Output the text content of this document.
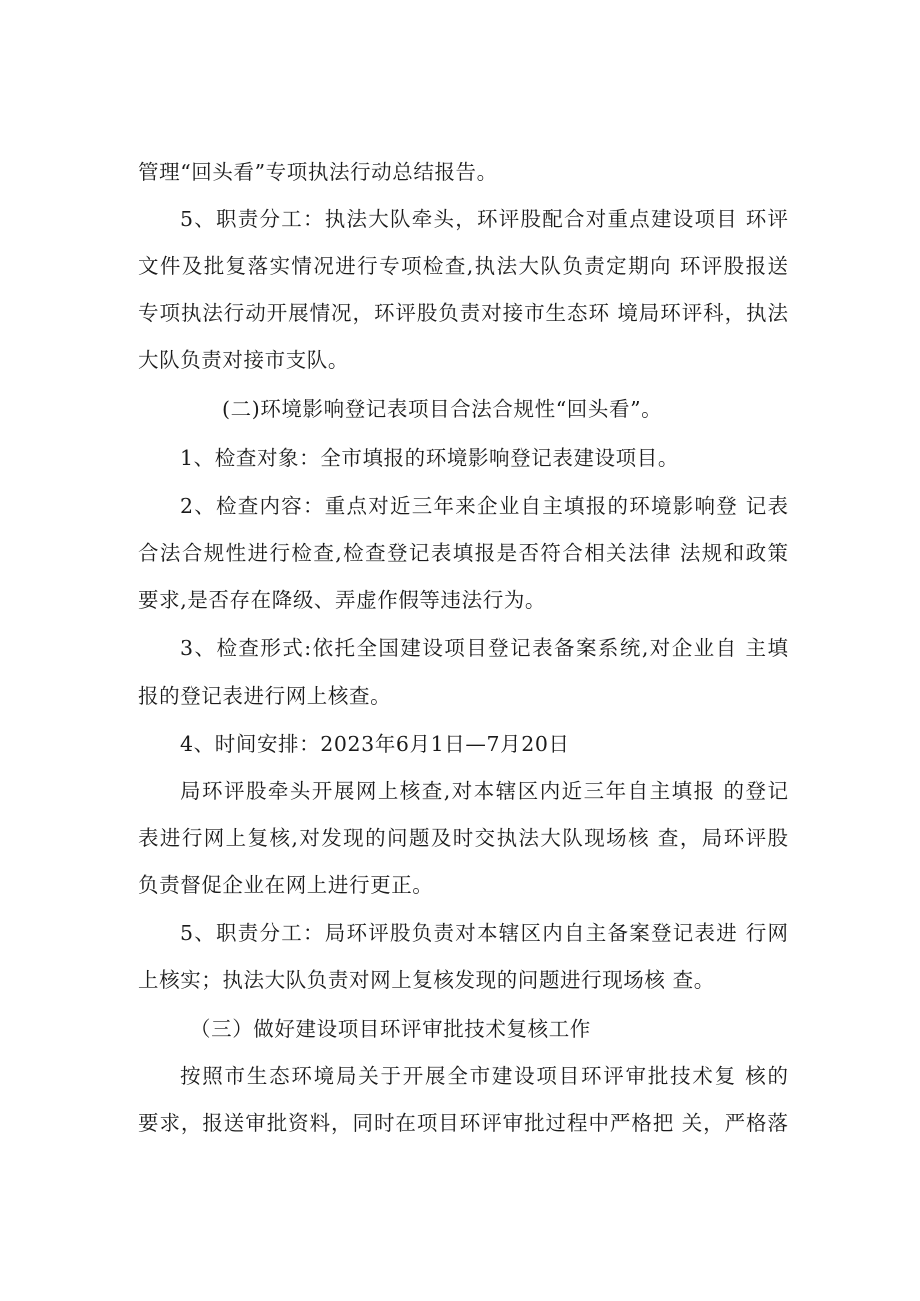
管理“回头看”专项执法行动总结报告。
5、职责分工：执法大队牵头，环评股配合对重点建设项目 环评
文件及批复落实情况进行专项检查,执法大队负责定期向 环评股报送
专项执法行动开展情况，环评股负责对接市生态环 境局环评科，执法
大队负责对接市支队。
(二)环境影响登记表项目合法合规性“回头看”。
1、检查对象：全市填报的环境影响登记表建设项目。
2、检查内容：重点对近三年来企业自主填报的环境影响登 记表
合法合规性进行检查,检查登记表填报是否符合相关法律 法规和政策
要求,是否存在降级、弄虚作假等违法行为。
3、检查形式:依托全国建设项目登记表备案系统,对企业自 主填
报的登记表进行网上核查。
4、时间安排：2023年6月1日—7月20日
局环评股牵头开展网上核查,对本辖区内近三年自主填报 的登记
表进行网上复核,对发现的问题及时交执法大队现场核 查，局环评股
负责督促企业在网上进行更正。
5、职责分工：局环评股负责对本辖区内自主备案登记表进 行网
上核实；执法大队负责对网上复核发现的问题进行现场核 查。
（三）做好建设项目环评审批技术复核工作
按照市生态环境局关于开展全市建设项目环评审批技术复 核的
要求，报送审批资料，同时在项目环评审批过程中严格把 关，严格落
